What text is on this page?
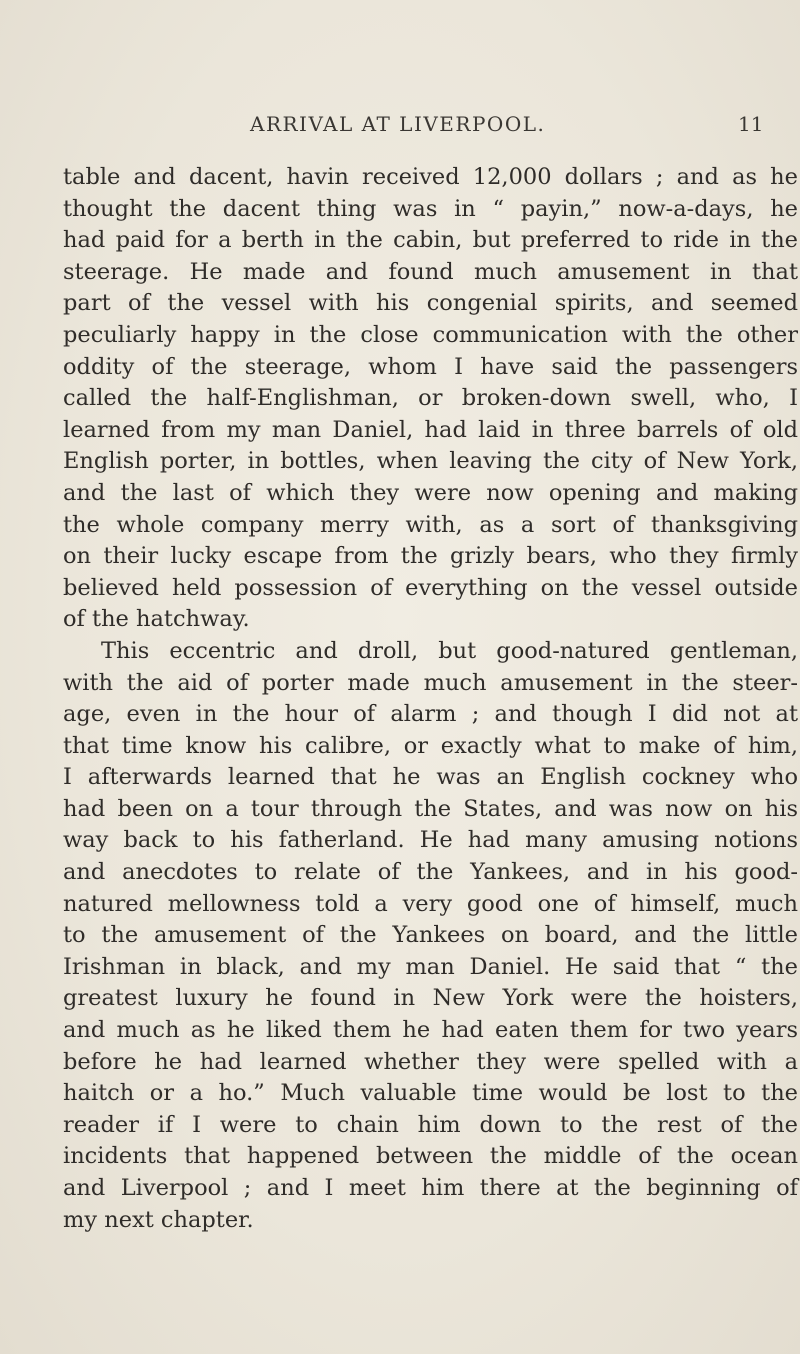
ARRIVAL AT LIVERPOOL.	11
table and dacent, havin received 12,000 dollars ; and as he
thought the dacent thing was in “ payin,” now-a-days, he
had paid for a berth in the cabin, but preferred to ride in the
steerage. He made and found much amusement in that
part of the vessel with his congenial spirits, and seemed
peculiarly happy in the close communication with the other
oddity of the steerage, whom I have said the passengers
called the half-Englishman, or broken-down swell, who, I
learned from my man Daniel, had laid in three barrels of old
English porter, in bottles, when leaving the city of New York,
and the last of which they were now opening and making
the whole company merry with, as a sort of thanksgiving
on their lucky escape from the grizly bears, who they firmly
believed held possession of everything on the vessel outside
of the hatchway.
This eccentric and droll, but good-natured gentleman,
with the aid of porter made much amusement in the steer-
age, even in the hour of alarm ; and though I did not at
that time know his calibre, or exactly what to make of him,
I afterwards learned that he was an English cockney who
had been on a tour through the States, and was now on his
way back to his fatherland. He had many amusing notions
and anecdotes to relate of the Yankees, and in his good-
natured mellowness told a very good one of himself, much
to the amusement of the Yankees on board, and the little
Irishman in black, and my man Daniel. He said that “ the
greatest luxury he found in New York were the hoisters,
and much as he liked them he had eaten them for two years
before he had learned whether they were spelled with a
haitch or a ho.” Much valuable time would be lost to the
reader if I were to chain him down to the rest of the
incidents that happened between the middle of the ocean
and Liverpool ; and I meet him there at the beginning of
my next chapter.
